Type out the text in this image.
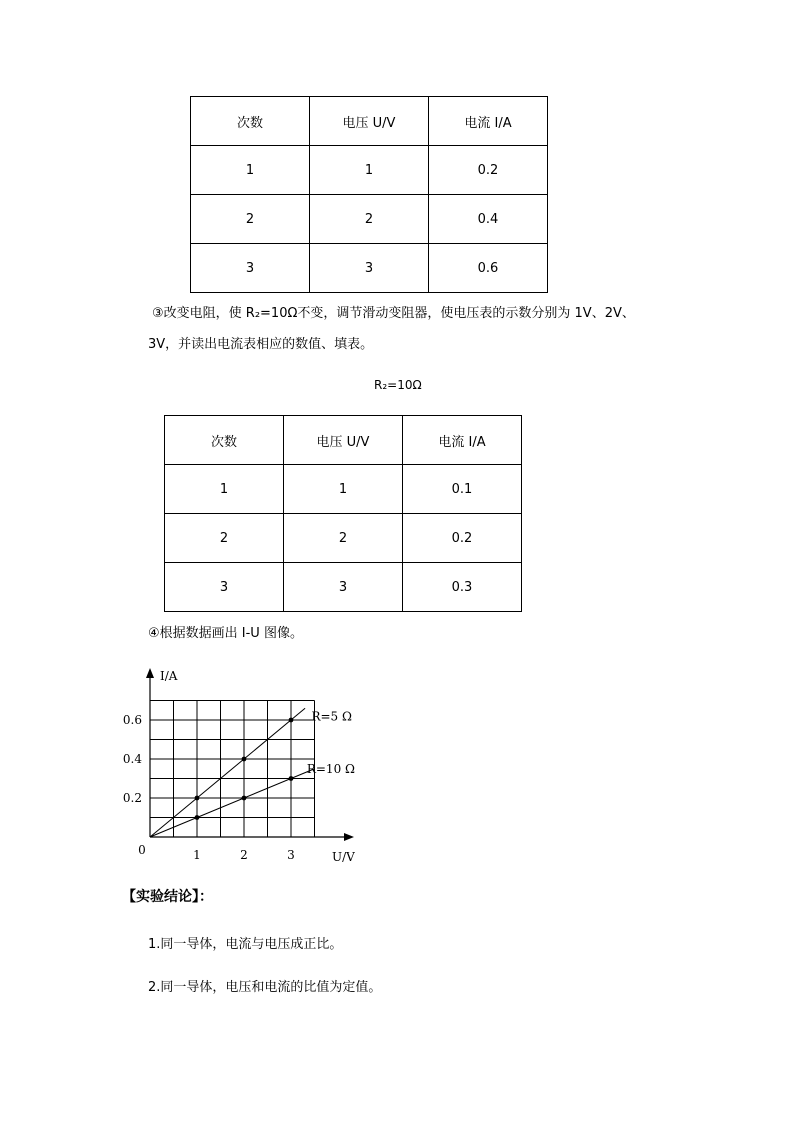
次数	电压 U/V	电流 I/A
1	1	0.2
2	2	0.4
3	3	0.6
③改变电阻，使 R₂=10Ω不变，调节滑动变阻器，使电压表的示数分别为 1V、2V、
3V，并读出电流表相应的数值、填表。
R₂=10Ω
次数	电压 U/V	电流 I/A
1	1	0.1
2	2	0.2
3	3	0.3
④根据数据画出 I-U 图像。
R=5 Ω
R=10 Ω
1	2	3
0.2
0.4
0.6
0	U/V
I/A
【实验结论】：
1.同一导体，电流与电压成正比。
2.同一导体，电压和电流的比值为定值。
